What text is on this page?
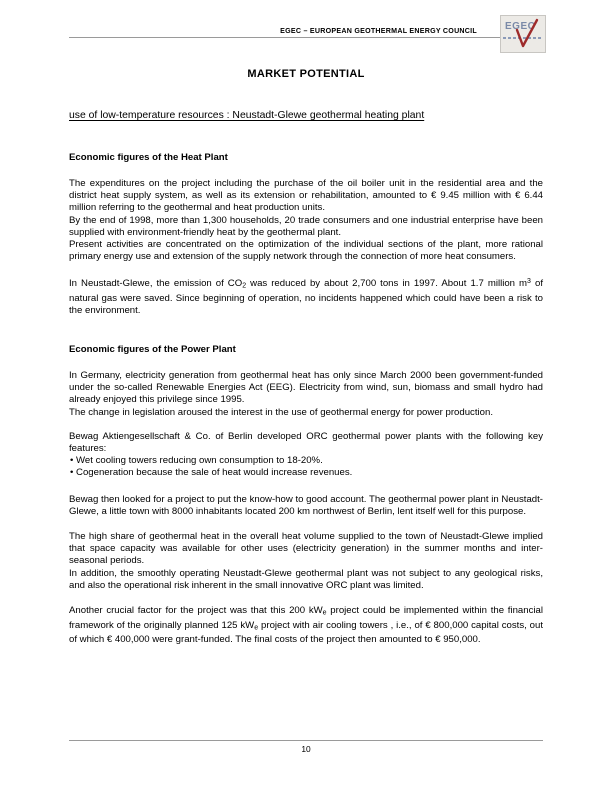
EGEC – EUROPEAN GEOTHERMAL ENERGY COUNCIL	EGEC
MARKET POTENTIAL
use of low-temperature resources : Neustadt-Glewe geothermal heating plant
Economic figures of the Heat Plant

The expenditures on the project including the purchase of the oil boiler unit in the residential area and the district heat supply system, as well as its extension or rehabilitation, amounted to € 9.45 million with € 6.44 million referring to the geothermal and heat production units.

By the end of 1998, more than 1,300 households, 20 trade consumers and one industrial enterprise have been supplied with environment-friendly heat by the geothermal plant.

Present activities are concentrated on the optimization of the individual sections of the plant, more rational primary energy use and extension of the supply network through the connection of more heat consumers.

In Neustadt-Glewe, the emission of $CO_2$ was reduced by about 2,700 tons in 1997. About 1.7 million $m^3$ of natural gas were saved. Since beginning of operation, no incidents happened which could have been a risk to the environment.

Economic figures of the Power Plant

In Germany, electricity generation from geothermal heat has only since March 2000 been government-funded under the so-called Renewable Energies Act (EEG). Electricity from wind, sun, biomass and small hydro had already enjoyed this privilege since 1995.

The change in legislation aroused the interest in the use of geothermal energy for power production.

Bewag Aktiengesellschaft & Co. of Berlin developed ORC geothermal power plants with the following key features:

• Wet cooling towers reducing own consumption to 18-20%.

• Cogeneration because the sale of heat would increase revenues.

Bewag then looked for a project to put the know-how to good account. The geothermal power plant in Neustadt- Glewe, a little town with 8000 inhabitants located 200 km northwest of Berlin, lent itself well for this purpose.

The high share of geothermal heat in the overall heat volume supplied to the town of Neustadt-Glewe implied that space capacity was available for other uses (electricity generation) in the summer months and inter-seasonal periods.

In addition, the smoothly operating Neustadt-Glewe geothermal plant was not subject to any geological risks, and also the operational risk inherent in the small innovative ORC plant was limited.

Another crucial factor for the project was that this 200 $kW_e$ project could be implemented within the financial framework of the originally planned 125 $kW_e$ project with air cooling towers , i.e., of € 800,000 capital costs, out of which € 400,000 were grant-funded. The final costs of the project then amounted to € 950,000.

10
